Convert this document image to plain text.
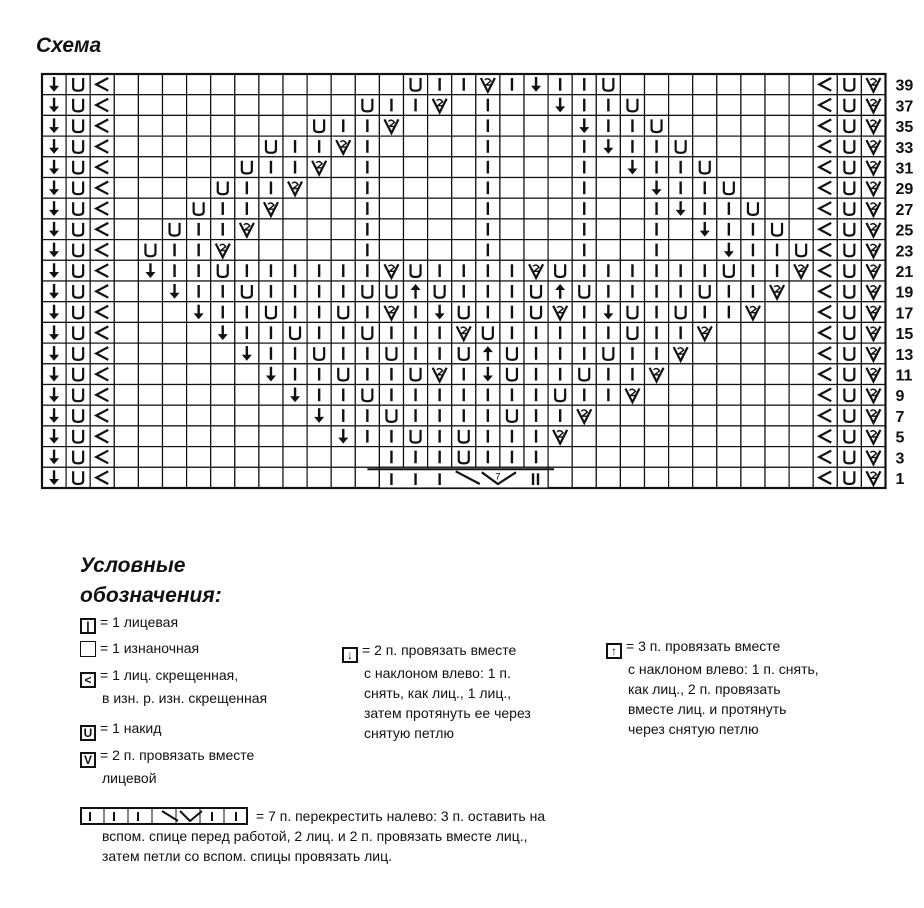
Схема
7
39
37
35
33
31
29
27
25
23
21
19
17
15
13
11
9
7
5
3
1
Условные
обозначения:
| = 1 лицевая
= 1 изнаночная

< = 1 лиц. скрещенная,

в изн. р. изн. скрещенная

U = 1 накид

V = 2 п. провязать вместе

лицевой

↓ = 2 п. провязать вместе

с наклоном влево: 1 п.

снять, как лиц., 1 лиц.,

затем протянуть ее через

снятую петлю

↑ = 3 п. провязать вместе

с наклоном влево: 1 п. снять,

как лиц., 2 п. провязать

вместе лиц. и протянуть

через снятую петлю

= 7 п. перекрестить налево: 3 п. оставить на

вспом. спице перед работой, 2 лиц. и 2 п. провязать вместе лиц.,

затем петли со вспом. спицы провязать лиц.
